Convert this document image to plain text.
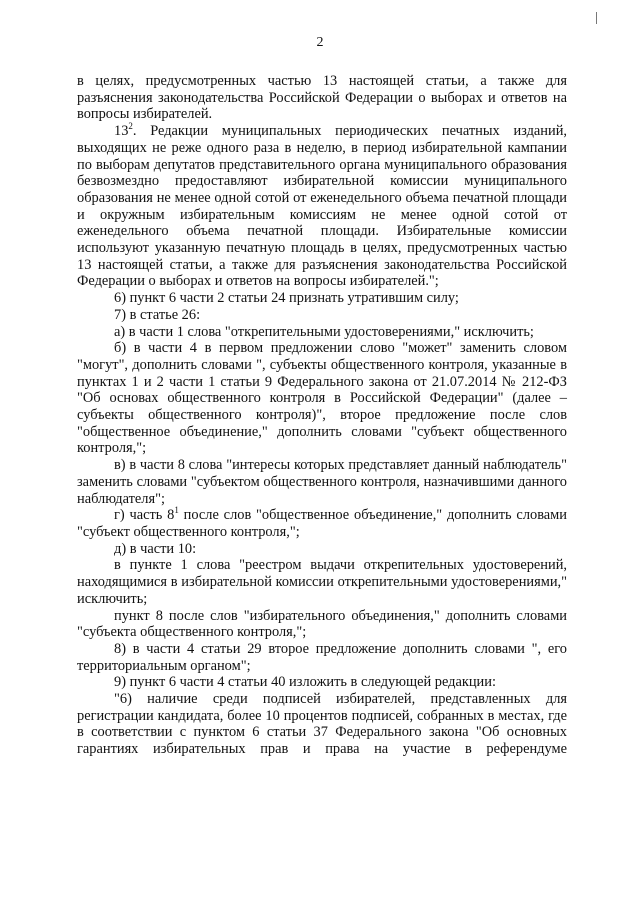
2

в целях, предусмотренных частью 13 настоящей статьи, а также для разъяснения законодательства Российской Федерации о выборах и ответов на вопросы избирателей.

$13^2$. Редакции муниципальных периодических печатных изданий, выходящих не реже одного раза в неделю, в период избирательной кампании по выборам депутатов представительного органа муниципального образования безвозмездно предоставляют избирательной комиссии муниципального образования не менее одной сотой от еженедельного объема печатной площади и окружным избирательным комиссиям не менее одной сотой от еженедельного объема печатной площади. Избирательные комиссии используют указанную печатную площадь в целях, предусмотренных частью 13 настоящей статьи, а также для разъяснения законодательства Российской Федерации о выборах и ответов на вопросы избирателей.";

6) пункт 6 части 2 статьи 24 признать утратившим силу;

7) в статье 26:

а) в части 1 слова "открепительными удостоверениями," исключить;

б) в части 4 в первом предложении слово "может" заменить словом "могут", дополнить словами ", субъекты общественного контроля, указанные в пунктах 1 и 2 части 1 статьи 9 Федерального закона от 21.07.2014 № 212-ФЗ "Об основах общественного контроля в Российской Федерации" (далее – субъекты общественного контроля)", второе предложение после слов "общественное объединение," дополнить словами "субъект общественного контроля,";

в) в части 8 слова "интересы которых представляет данный наблюдатель" заменить словами "субъектом общественного контроля, назначившими данного наблюдателя";

г) часть $8^1$ после слов "общественное объединение," дополнить словами "субъект общественного контроля,";

д) в части 10:

в пункте 1 слова "реестром выдачи открепительных удостоверений, находящимися в избирательной комиссии открепительными удостоверениями," исключить;

пункт 8 после слов "избирательного объединения," дополнить словами "субъекта общественного контроля,";

8) в части 4 статьи 29 второе предложение дополнить словами ", его территориальным органом";

9) пункт 6 части 4 статьи 40 изложить в следующей редакции:

"6) наличие среди подписей избирателей, представленных для регистрации кандидата, более 10 процентов подписей, собранных в местах, где в соответствии с пунктом 6 статьи 37 Федерального закона "Об основных гарантиях избирательных прав и права на участие в референдуме
